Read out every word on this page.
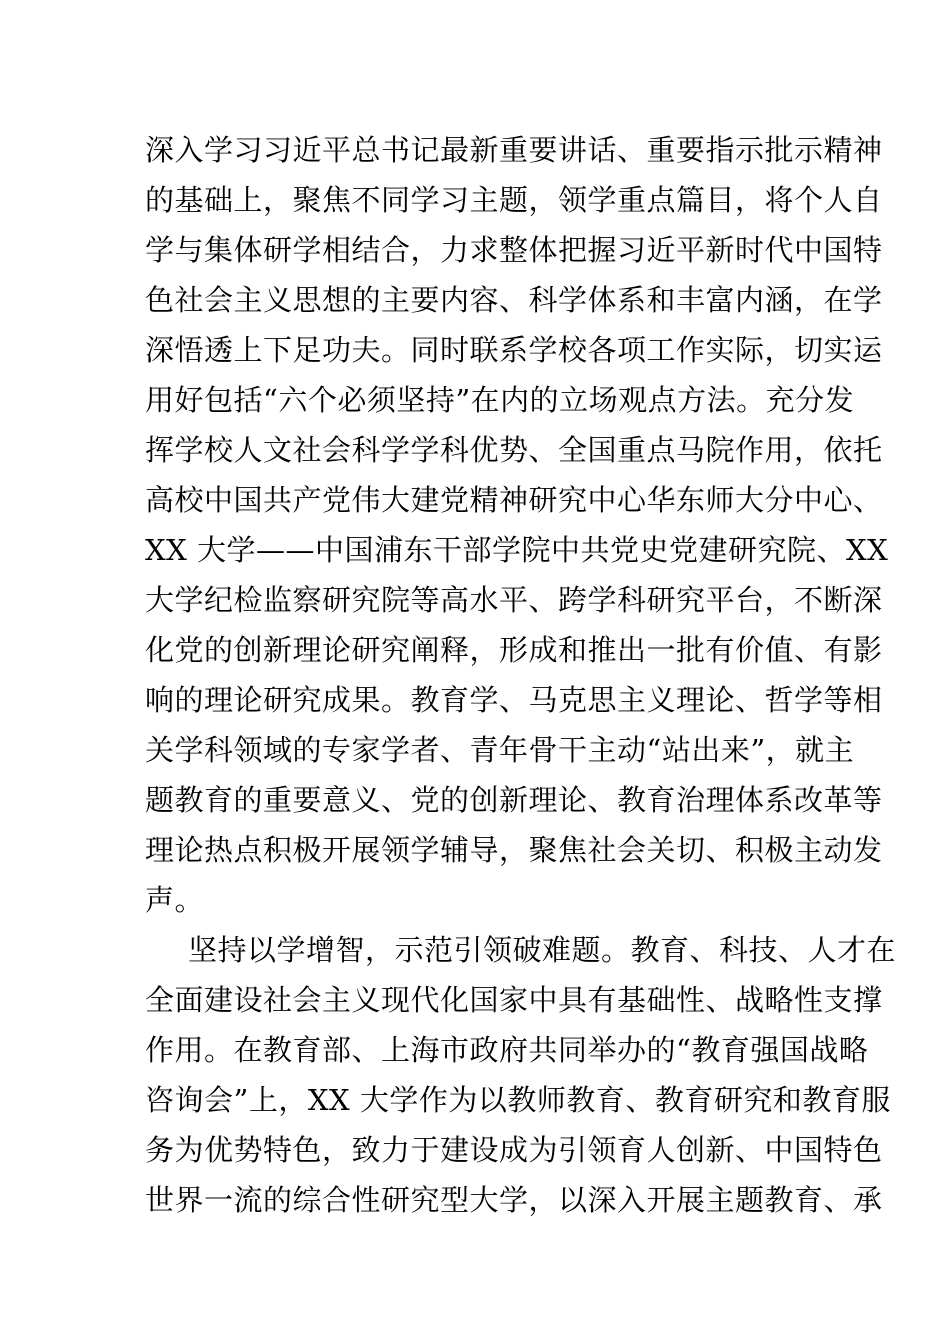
深入学习习近平总书记最新重要讲话、重要指示批示精神
的基础上，聚焦不同学习主题，领学重点篇目，将个人自
学与集体研学相结合，力求整体把握习近平新时代中国特
色社会主义思想的主要内容、科学体系和丰富内涵，在学
深悟透上下足功夫。同时联系学校各项工作实际，切实运
用好包括“六个必须坚持”在内的立场观点方法。充分发
挥学校人文社会科学学科优势、全国重点马院作用，依托
高校中国共产党伟大建党精神研究中心华东师大分中心、
XX 大学——中国浦东干部学院中共党史党建研究院、XX
大学纪检监察研究院等高水平、跨学科研究平台，不断深
化党的创新理论研究阐释，形成和推出一批有价值、有影
响的理论研究成果。教育学、马克思主义理论、哲学等相
关学科领域的专家学者、青年骨干主动“站出来”，就主
题教育的重要意义、党的创新理论、教育治理体系改革等
理论热点积极开展领学辅导，聚焦社会关切、积极主动发
声。
坚持以学增智，示范引领破难题。教育、科技、人才在
全面建设社会主义现代化国家中具有基础性、战略性支撑
作用。在教育部、上海市政府共同举办的“教育强国战略
咨询会”上，XX 大学作为以教师教育、教育研究和教育服
务为优势特色，致力于建设成为引领育人创新、中国特色
世界一流的综合性研究型大学，以深入开展主题教育、承
